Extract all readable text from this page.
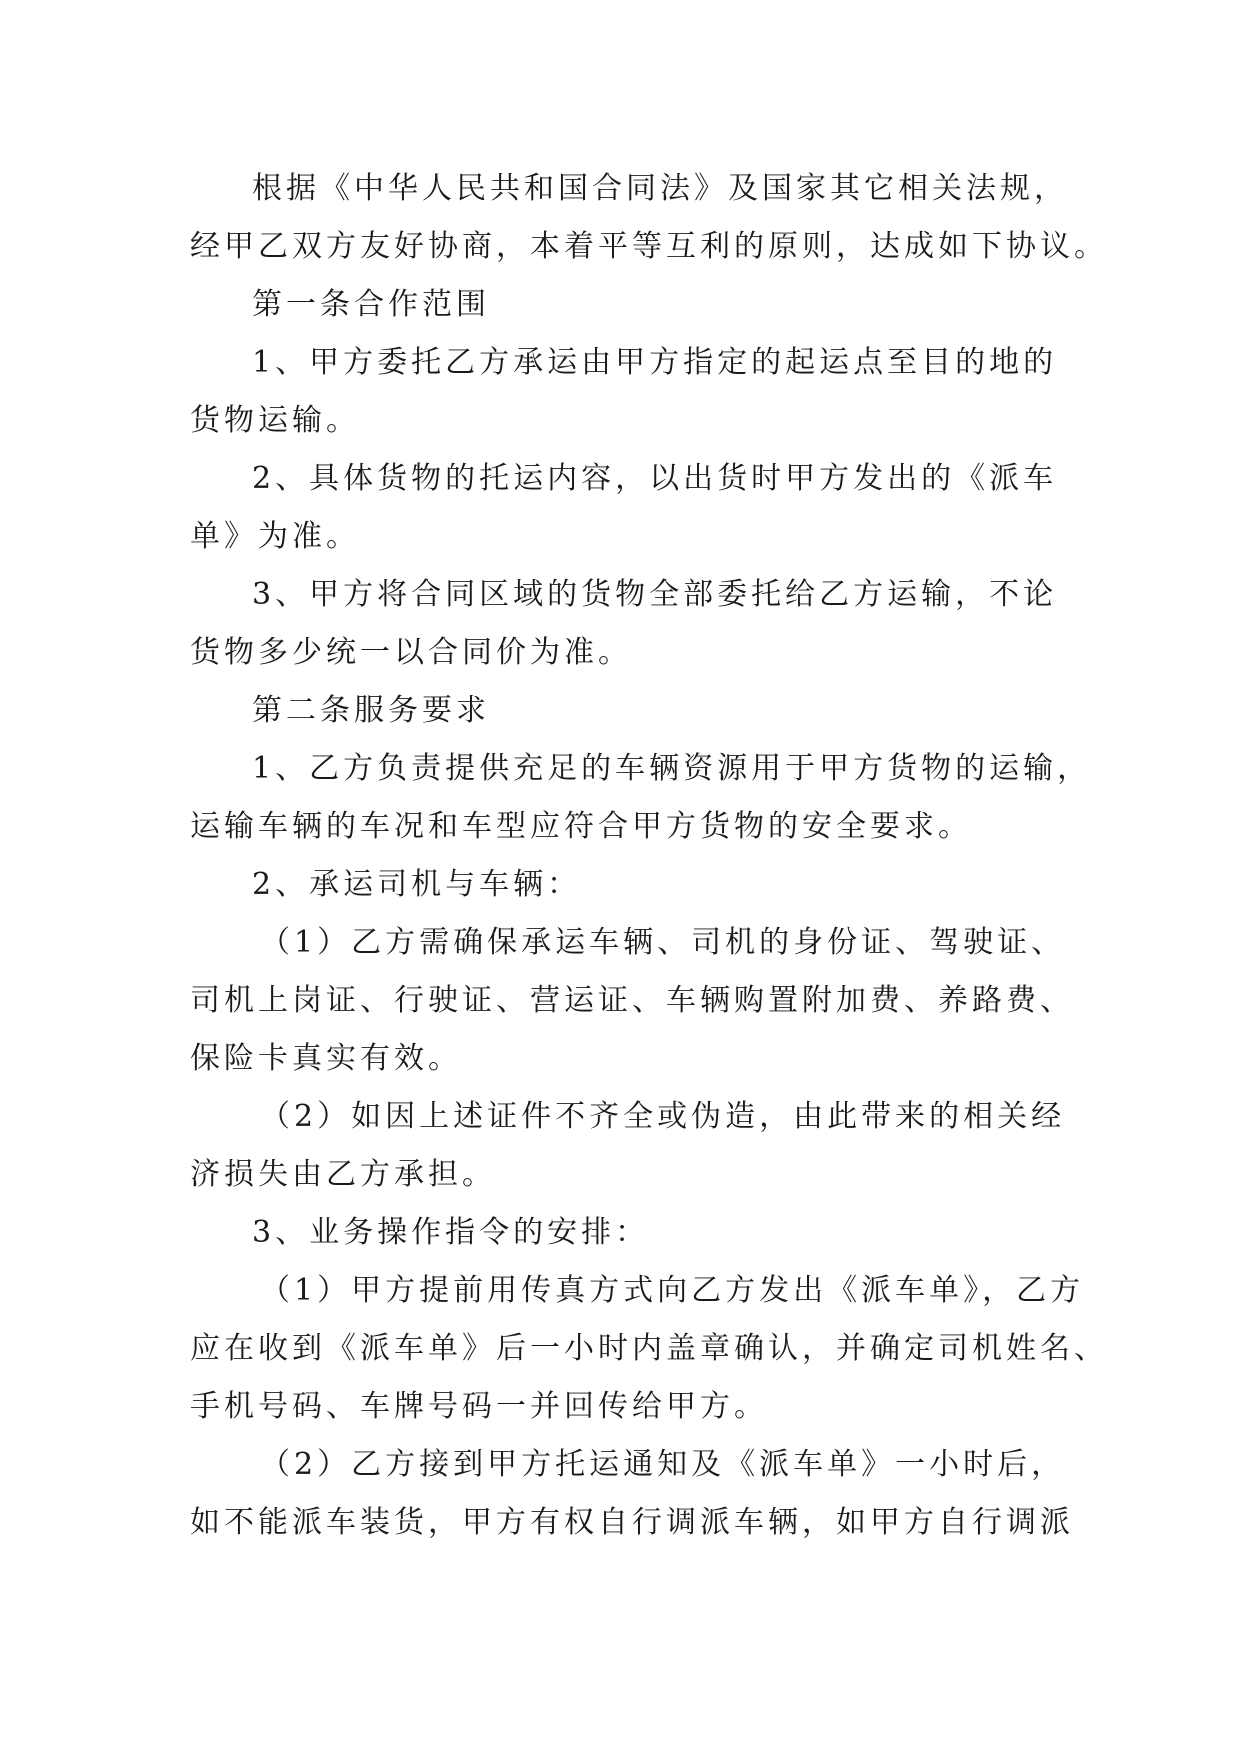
根据《中华人民共和国合同法》及国家其它相关法规，
经甲乙双方友好协商，本着平等互利的原则，达成如下协议。
第一条合作范围
1、甲方委托乙方承运由甲方指定的起运点至目的地的
货物运输。
2、具体货物的托运内容，以出货时甲方发出的《派车
单》为准。
3、甲方将合同区域的货物全部委托给乙方运输，不论
货物多少统一以合同价为准。
第二条服务要求
1、乙方负责提供充足的车辆资源用于甲方货物的运输，
运输车辆的车况和车型应符合甲方货物的安全要求。
2、承运司机与车辆：
（1）乙方需确保承运车辆、司机的身份证、驾驶证、
司机上岗证、行驶证、营运证、车辆购置附加费、养路费、
保险卡真实有效。
（2）如因上述证件不齐全或伪造，由此带来的相关经
济损失由乙方承担。
3、业务操作指令的安排：
（1）甲方提前用传真方式向乙方发出《派车单》，乙方
应在收到《派车单》后一小时内盖章确认，并确定司机姓名、
手机号码、车牌号码一并回传给甲方。
（2）乙方接到甲方托运通知及《派车单》一小时后，
如不能派车装货，甲方有权自行调派车辆，如甲方自行调派
